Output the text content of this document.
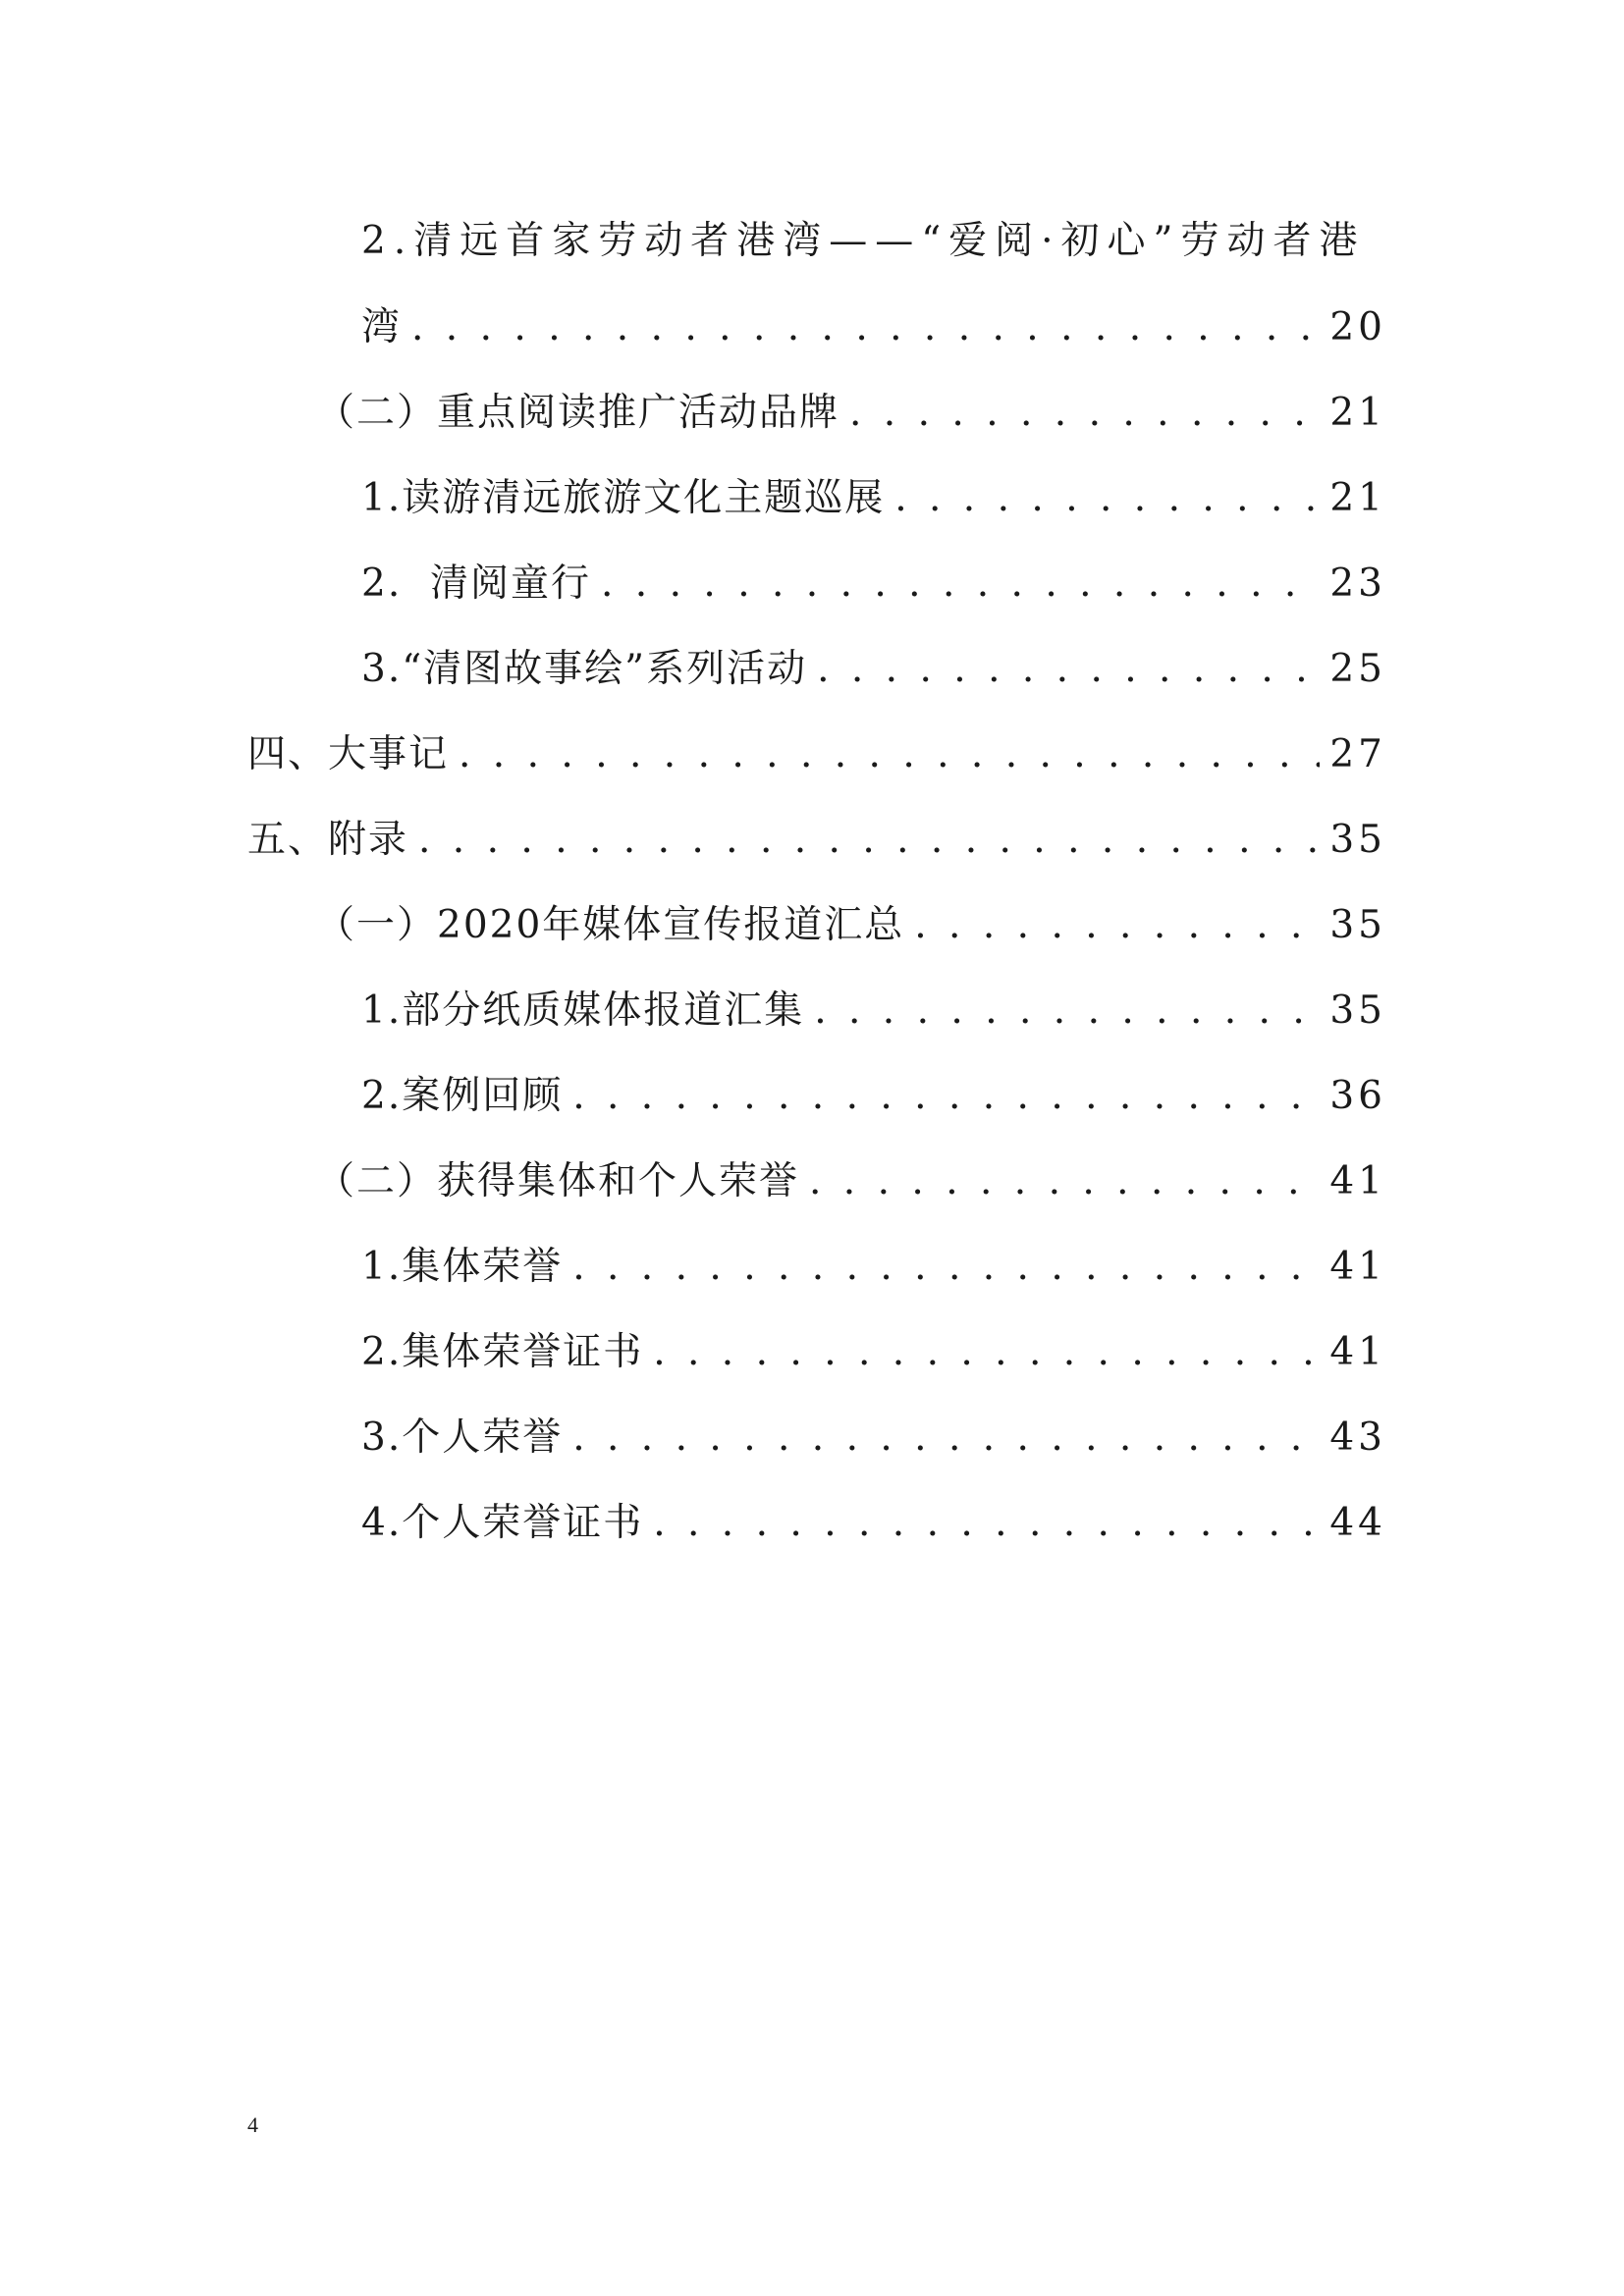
2.清远首家劳动者港湾——“爱阅·初心”劳动者港
湾 . . .	20
（二）重点阅读推广活动品牌 . . .	21
1.读游清远旅游文化主题巡展 . . .	21
2.  清阅童行 . . .	23
3.“清图故事绘”系列活动 . . .	25
四、大事记 . . .	27
五、附录 . . .	35
（一）2020年媒体宣传报道汇总 . . .	35
1.部分纸质媒体报道汇集 . . .	35
2.案例回顾 . . .	36
（二）获得集体和个人荣誉 . . .	41
1.集体荣誉 . . .	41
2.集体荣誉证书 . . .	41
3.个人荣誉 . . .	43
4.个人荣誉证书 . . .	44
4
